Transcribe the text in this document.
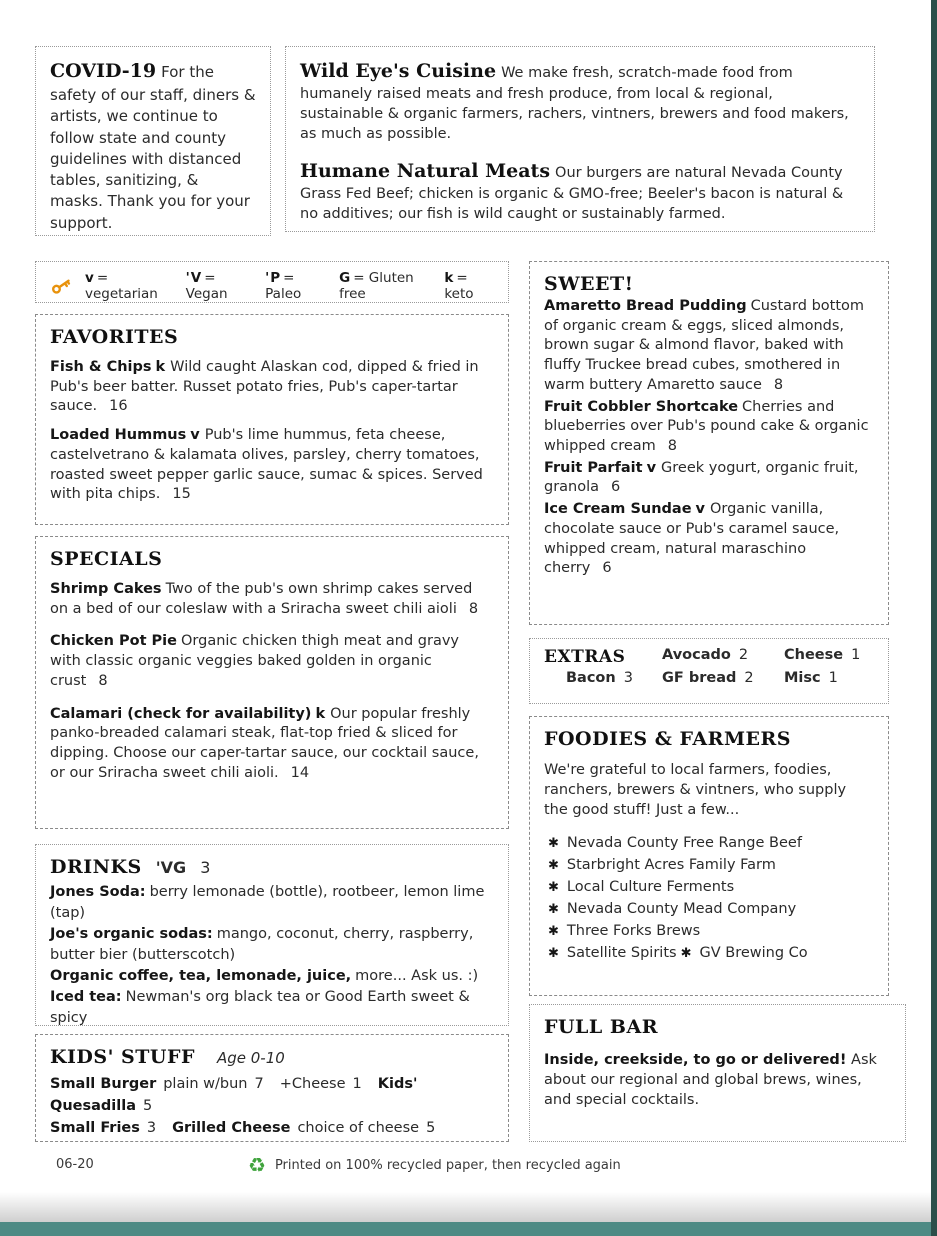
COVID-19 For the safety of our staff, diners & artists, we continue to follow state and county guidelines with distanced tables, sanitizing, & masks. Thank you for your support.

Wild Eye's Cuisine We make fresh, scratch-made food from humanely raised meats and fresh produce, from local & regional, sustainable & organic farmers, rachers, vintners, brewers and food makers, as much as possible.

Humane Natural Meats Our burgers are natural Nevada County Grass Fed Beef; chicken is organic & GMO-free; Beeler's bacon is natural & no additives; our fish is wild caught or sustainably farmed.

v = vegetarian
'V = Vegan
'P = Paleo
G = Gluten free
k = keto
FAVORITES

Fish & Chips k Wild caught Alaskan cod, dipped & fried in Pub's beer batter. Russet potato fries, Pub's caper-tartar sauce. 16

Loaded Hummus v Pub's lime hummus, feta cheese, castelvetrano & kalamata olives, parsley, cherry tomatoes, roasted sweet pepper garlic sauce, sumac & spices. Served with pita chips. 15

SPECIALS

Shrimp Cakes Two of the pub's own shrimp cakes served on a bed of our coleslaw with a Sriracha sweet chili aioli 8

Chicken Pot Pie Organic chicken thigh meat and gravy with classic organic veggies baked golden in organic crust 8

Calamari (check for availability) k Our popular freshly panko-breaded calamari steak, flat-top fried & sliced for dipping. Choose our caper-tartar sauce, our cocktail sauce, or our Sriracha sweet chili aioli. 14

DRINKS 'VG 3

Jones Soda: berry lemonade (bottle), rootbeer, lemon lime (tap)

Joe's organic sodas: mango, coconut, cherry, raspberry, butter bier (butterscotch)

Organic coffee, tea, lemonade, juice, more... Ask us. :)

Iced tea: Newman's org black tea or Good Earth sweet & spicy

KIDS' STUFF Age 0-10

Small Burger plain w/bun 7 +Cheese 1 Kids' Quesadilla 5

Small Fries 3 Grilled Cheese choice of cheese 5

SWEET!

Amaretto Bread Pudding Custard bottom of organic cream & eggs, sliced almonds, brown sugar & almond flavor, baked with fluffy Truckee bread cubes, smothered in warm buttery Amaretto sauce 8

Fruit Cobbler Shortcake Cherries and blueberries over Pub's pound cake & organic whipped cream 8

Fruit Parfait v Greek yogurt, organic fruit, granola 6

Ice Cream Sundae v Organic vanilla, chocolate sauce or Pub's caramel sauce, whipped cream, natural maraschino cherry 6

EXTRAS	Avocado 2	Cheese 1
Bacon 3	GF bread 2	Misc 1
FOODIES & FARMERS

We're grateful to local farmers, foodies, ranchers, brewers & vintners, who supply the good stuff! Just a few...

✱ Nevada County Free Range Beef
✱ Starbright Acres Family Farm
✱ Local Culture Ferments
✱ Nevada County Mead Company
✱ Three Forks Brews
✱ Satellite Spirits ✱ GV Brewing Co
FULL BAR

Inside, creekside, to go or delivered! Ask about our regional and global brews, wines, and special cocktails.

06-20	♻ Printed on 100% recycled paper, then recycled again
